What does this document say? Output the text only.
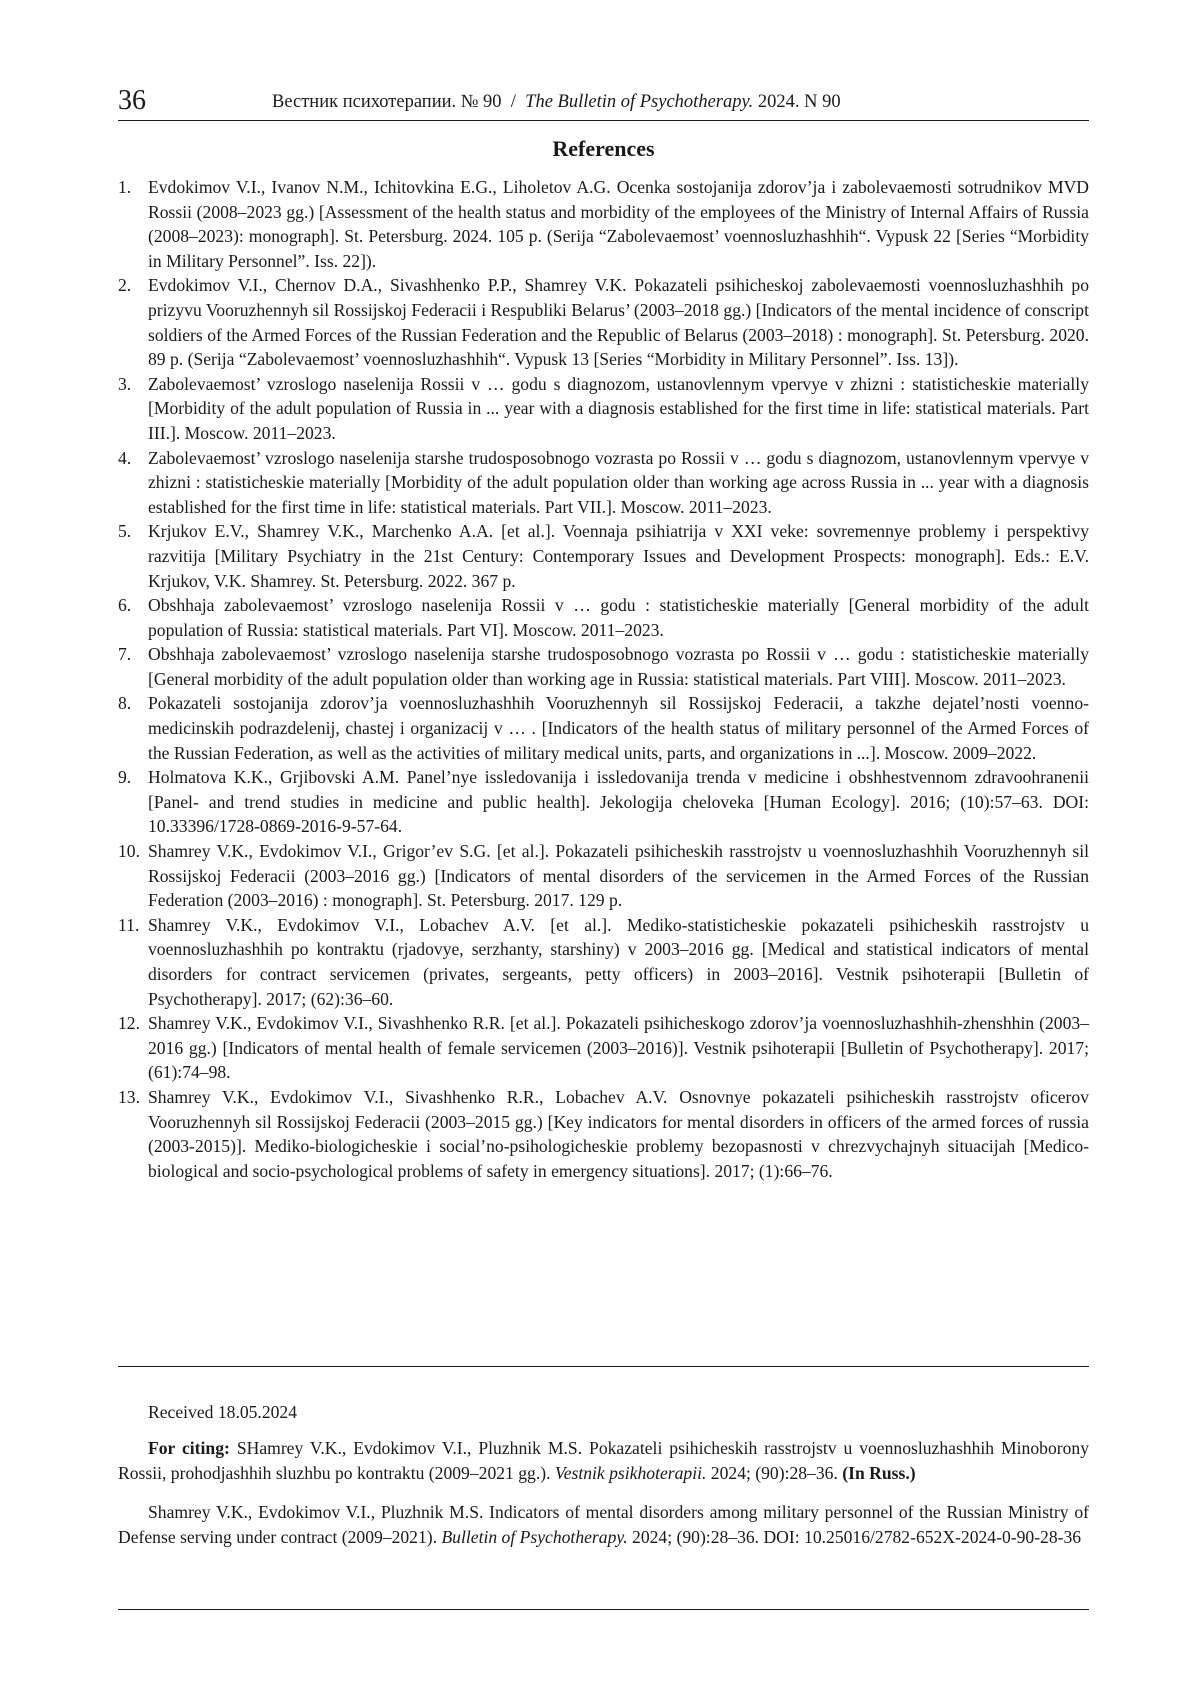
36	Вестник психотерапии. № 90 / The Bulletin of Psychotherapy. 2024. N 90
References
1. Evdokimov V.I., Ivanov N.M., Ichitovkina E.G., Liholetov A.G. Ocenka sostojanija zdorov’ja i zabolevaemosti sotrudnikov MVD Rossii (2008–2023 gg.) [Assessment of the health status and morbidity of the employees of the Ministry of Internal Affairs of Russia (2008–2023): monograph]. St. Petersburg. 2024. 105 p. (Serija “Zabolevaemost’ voennosluzhashhih“. Vypusk 22 [Series “Morbidity in Military Personnel”. Iss. 22]).
2. Evdokimov V.I., Chernov D.A., Sivashhenko P.P., Shamrey V.K. Pokazateli psihicheskoj zabolevaemosti voennosluzhashhih po prizyvu Vooruzhennyh sil Rossijskoj Federacii i Respubliki Belarus’ (2003–2018 gg.) [Indicators of the mental incidence of conscript soldiers of the Armed Forces of the Russian Federation and the Republic of Belarus (2003–2018) : monograph]. St. Petersburg. 2020. 89 p. (Serija “Zabolevaemost’ voennosluzhashhih“. Vypusk 13 [Series “Morbidity in Military Personnel”. Iss. 13]).
3. Zabolevaemost’ vzroslogo naselenija Rossii v … godu s diagnozom, ustanovlennym vpervye v zhizni : statisticheskie materially [Morbidity of the adult population of Russia in ... year with a diagnosis established for the first time in life: statistical materials. Part III.]. Moscow. 2011–2023.
4. Zabolevaemost’ vzroslogo naselenija starshe trudosposobnogo vozrasta po Rossii v … godu s diagnozom, ustanovlennym vpervye v zhizni : statisticheskie materially [Morbidity of the adult population older than working age across Russia in ... year with a diagnosis established for the first time in life: statistical materials. Part VII.]. Moscow. 2011–2023.
5. Krjukov E.V., Shamrey V.K., Marchenko A.A. [et al.]. Voennaja psihiatrija v XXI veke: sovremennye problemy i perspektivy razvitija [Military Psychiatry in the 21st Century: Contemporary Issues and Development Prospects: monograph]. Eds.: E.V. Krjukov, V.K. Shamrey. St. Petersburg. 2022. 367 p.
6. Obshhaja zabolevaemost’ vzroslogo naselenija Rossii v … godu : statisticheskie materially [General morbidity of the adult population of Russia: statistical materials. Part VI]. Moscow. 2011–2023.
7. Obshhaja zabolevaemost’ vzroslogo naselenija starshe trudosposobnogo vozrasta po Rossii v … godu : statisticheskie materially [General morbidity of the adult population older than working age in Russia: statistical materials. Part VIII]. Moscow. 2011–2023.
8. Pokazateli sostojanija zdorov’ja voennosluzhashhih Vooruzhennyh sil Rossijskoj Federacii, a takzhe dejatel’nosti voenno-medicinskih podrazdelenij, chastej i organizacij v … . [Indicators of the health status of military personnel of the Armed Forces of the Russian Federation, as well as the activities of military medical units, parts, and organizations in ...]. Moscow. 2009–2022.
9. Holmatova K.K., Grjibovski A.M. Panel’nye issledovanija i issledovanija trenda v medicine i obshhestvennom zdravoohranenii [Panel- and trend studies in medicine and public health]. Jekologija cheloveka [Human Ecology]. 2016; (10):57–63. DOI: 10.33396/1728-0869-2016-9-57-64.
10. Shamrey V.K., Evdokimov V.I., Grigor’ev S.G. [et al.]. Pokazateli psihicheskih rasstrojstv u voennosluzhashhih Vooruzhennyh sil Rossijskoj Federacii (2003–2016 gg.) [Indicators of mental disorders of the servicemen in the Armed Forces of the Russian Federation (2003–2016) : monograph]. St. Petersburg. 2017. 129 p.
11. Shamrey V.K., Evdokimov V.I., Lobachev A.V. [et al.]. Mediko-statisticheskie pokazateli psihicheskih rasstrojstv u voennosluzhashhih po kontraktu (rjadovye, serzhanty, starshiny) v 2003–2016 gg. [Medical and statistical indicators of mental disorders for contract servicemen (privates, sergeants, petty officers) in 2003–2016]. Vestnik psihoterapii [Bulletin of Psychotherapy]. 2017; (62):36–60.
12. Shamrey V.K., Evdokimov V.I., Sivashhenko R.R. [et al.]. Pokazateli psihicheskogo zdorov’ja voennosluzhashhih-zhenshhin (2003–2016 gg.) [Indicators of mental health of female servicemen (2003–2016)]. Vestnik psihoterapii [Bulletin of Psychotherapy]. 2017; (61):74–98.
13. Shamrey V.K., Evdokimov V.I., Sivashhenko R.R., Lobachev A.V. Osnovnye pokazateli psihicheskih rasstrojstv oficerov Vooruzhennyh sil Rossijskoj Federacii (2003–2015 gg.) [Key indicators for mental disorders in officers of the armed forces of russia (2003-2015)]. Mediko-biologicheskie i social’no-psihologicheskie problemy bezopasnosti v chrezvychajnyh situacijah [Medico-biological and socio-psychological problems of safety in emergency situations]. 2017; (1):66–76.
Received 18.05.2024
For citing: SHamrey V.K., Evdokimov V.I., Pluzhnik M.S. Pokazateli psihicheskih rasstrojstv u voennosluzhashhih Minoborony Rossii, prohodjashhih sluzhbu po kontraktu (2009–2021 gg.). Vestnik psikhoterapii. 2024; (90):28–36. (In Russ.)
Shamrey V.K., Evdokimov V.I., Pluzhnik M.S. Indicators of mental disorders among military personnel of the Russian Ministry of Defense serving under contract (2009–2021). Bulletin of Psychotherapy. 2024; (90):28–36. DOI: 10.25016/2782-652X-2024-0-90-28-36
